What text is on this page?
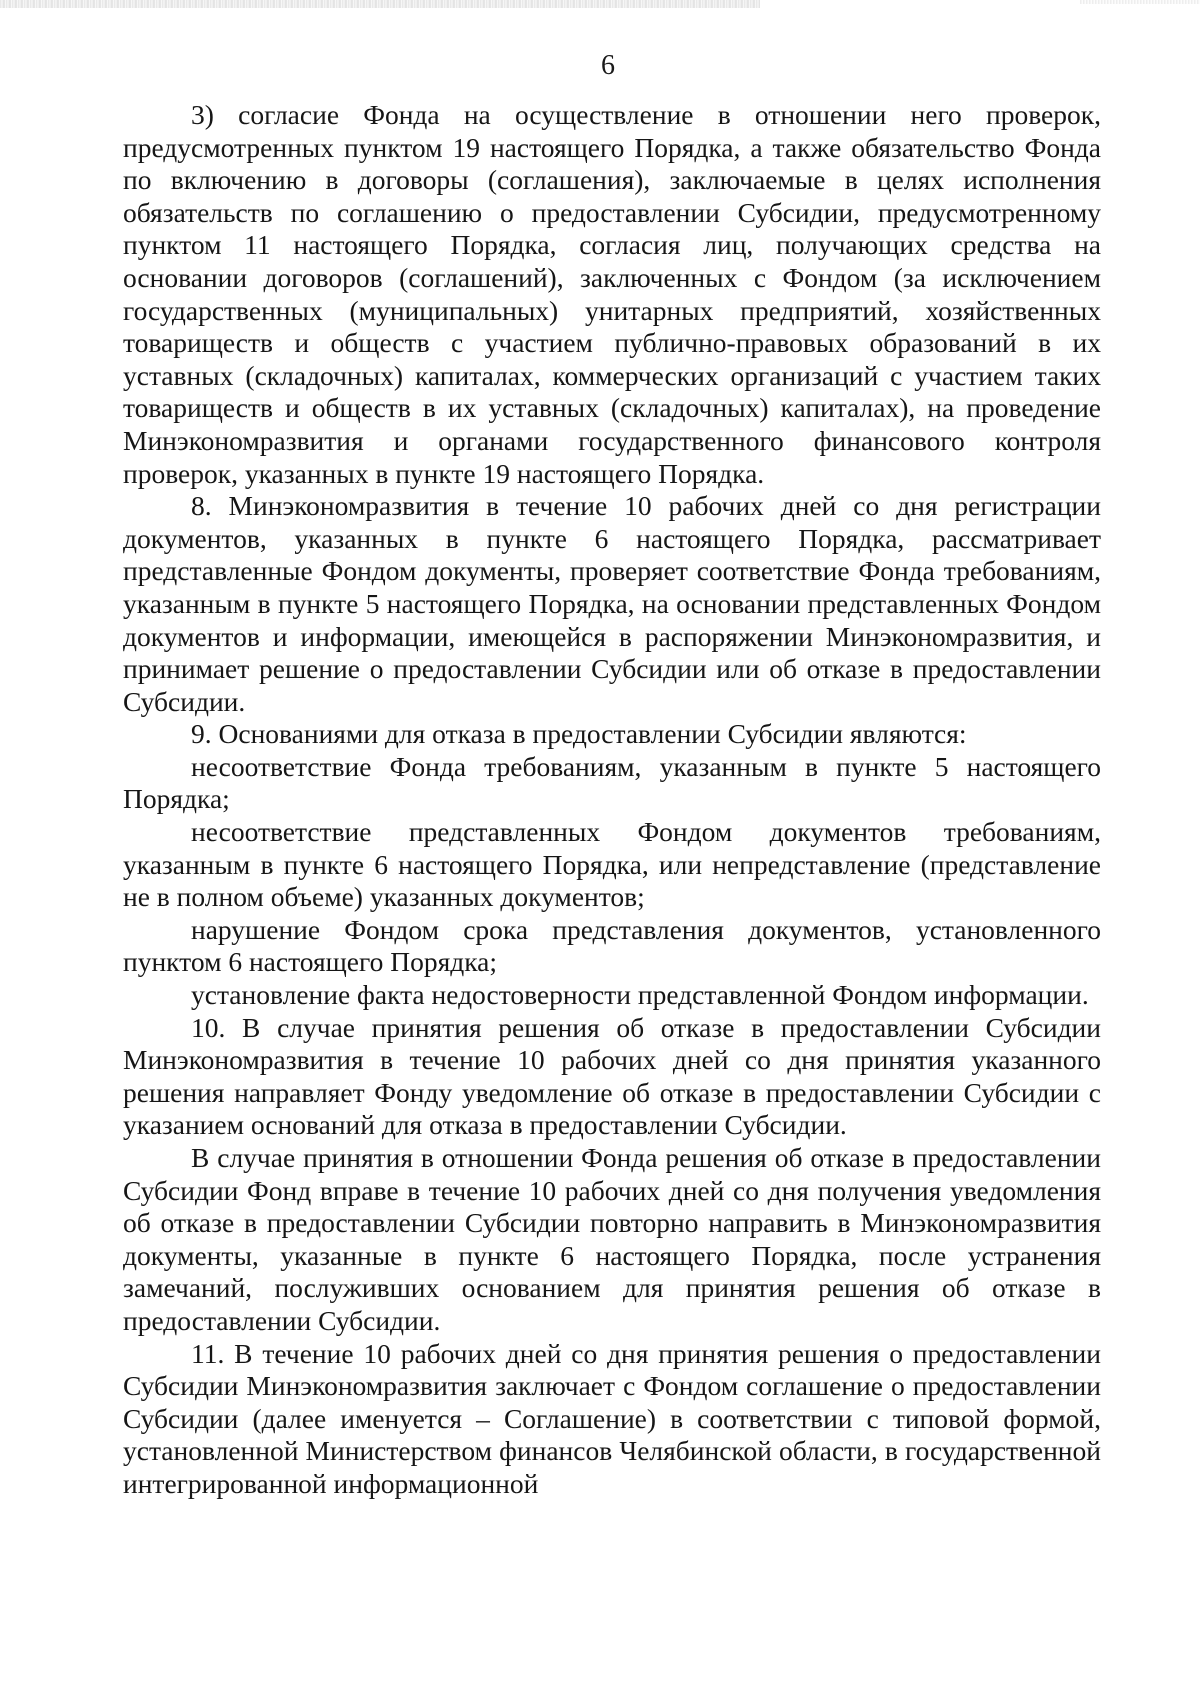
6

3) согласие Фонда на осуществление в отношении него проверок, предусмотренных пунктом 19 настоящего Порядка, а также обязательство Фонда по включению в договоры (соглашения), заключаемые в целях исполнения обязательств по соглашению о предоставлении Субсидии, предусмотренному пунктом 11 настоящего Порядка, согласия лиц, получающих средства на основании договоров (соглашений), заключенных с Фондом (за исключением государственных (муниципальных) унитарных предприятий, хозяйственных товариществ и обществ с участием публично-правовых образований в их уставных (складочных) капиталах, коммерческих организаций с участием таких товариществ и обществ в их уставных (складочных) капиталах), на проведение Минэкономразвития и органами государственного финансового контроля проверок, указанных в пункте 19 настоящего Порядка.

8. Минэкономразвития в течение 10 рабочих дней со дня регистрации документов, указанных в пункте 6 настоящего Порядка, рассматривает представленные Фондом документы, проверяет соответствие Фонда требованиям, указанным в пункте 5 настоящего Порядка, на основании представленных Фондом документов и информации, имеющейся в распоряжении Минэкономразвития, и принимает решение о предоставлении Субсидии или об отказе в предоставлении Субсидии.

9. Основаниями для отказа в предоставлении Субсидии являются:

несоответствие Фонда требованиям, указанным в пункте 5 настоящего Порядка;

несоответствие представленных Фондом документов требованиям, указанным в пункте 6 настоящего Порядка, или непредставление (представление не в полном объеме) указанных документов;

нарушение Фондом срока представления документов, установленного пунктом 6 настоящего Порядка;

установление факта недостоверности представленной Фондом информации.

10. В случае принятия решения об отказе в предоставлении Субсидии Минэкономразвития в течение 10 рабочих дней со дня принятия указанного решения направляет Фонду уведомление об отказе в предоставлении Субсидии с указанием оснований для отказа в предоставлении Субсидии.

В случае принятия в отношении Фонда решения об отказе в предоставлении Субсидии Фонд вправе в течение 10 рабочих дней со дня получения уведомления об отказе в предоставлении Субсидии повторно направить в Минэкономразвития документы, указанные в пункте 6 настоящего Порядка, после устранения замечаний, послуживших основанием для принятия решения об отказе в предоставлении Субсидии.

11. В течение 10 рабочих дней со дня принятия решения о предоставлении Субсидии Минэкономразвития заключает с Фондом соглашение о предоставлении Субсидии (далее именуется – Соглашение) в соответствии с типовой формой, установленной Министерством финансов Челябинской области, в государственной интегрированной информационной
